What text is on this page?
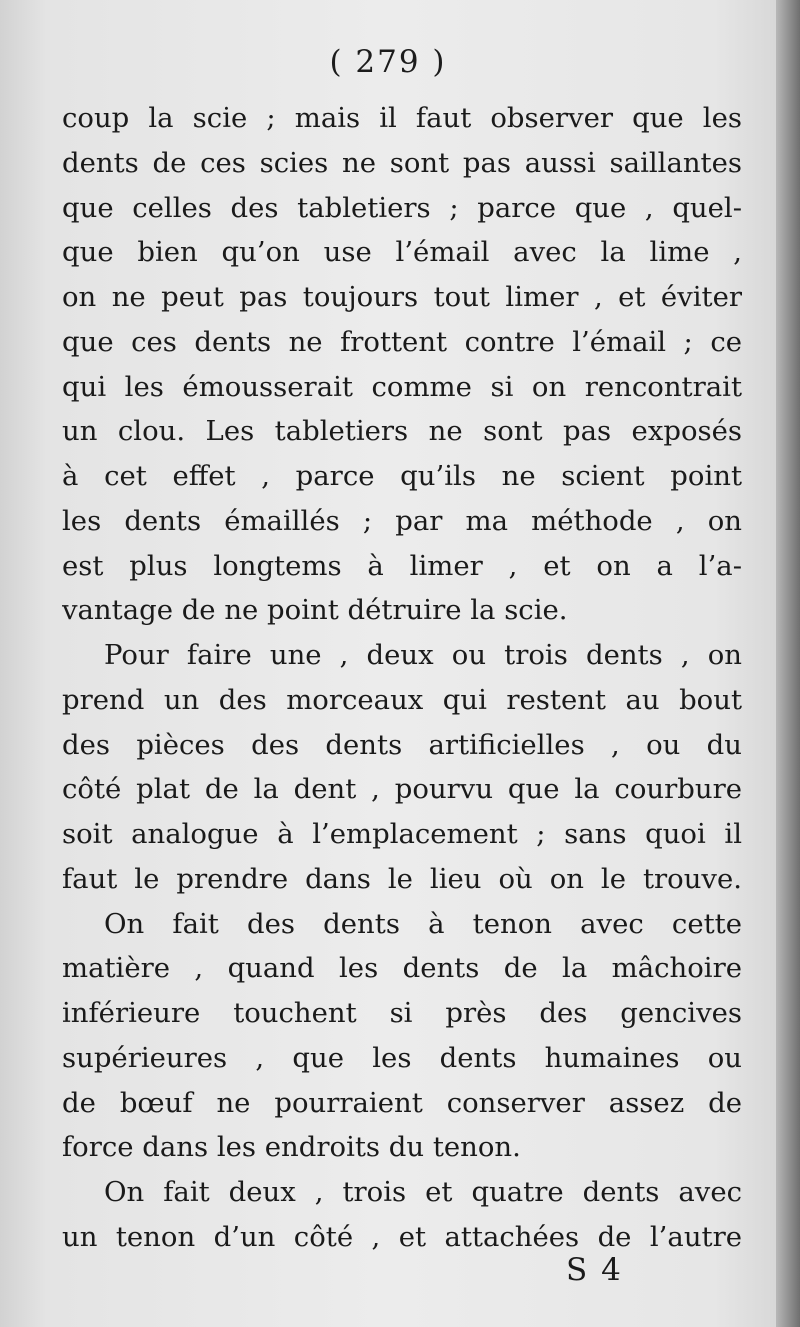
( 279 )
coup la scie ; mais il faut observer que les
dents de ces scies ne sont pas aussi saillantes
que celles des tabletiers ; parce que , quel-
que bien qu’on use l’émail avec la lime ,
on ne peut pas toujours tout limer , et éviter
que ces dents ne frottent contre l’émail ; ce
qui les émousserait comme si on rencontrait
un clou. Les tabletiers ne sont pas exposés
à cet effet , parce qu’ils ne scient point
les dents émaillés ; par ma méthode , on
est plus longtems à limer , et on a l’a-
vantage de ne point détruire la scie.
Pour faire une , deux ou trois dents , on
prend un des morceaux qui restent au bout
des pièces des dents artificielles , ou du
côté plat de la dent , pourvu que la courbure
soit analogue à l’emplacement ; sans quoi il
faut le prendre dans le lieu où on le trouve.
On fait des dents à tenon avec cette
matière , quand les dents de la mâchoire
inférieure touchent si près des gencives
supérieures , que les dents humaines ou
de bœuf ne pourraient conserver assez de
force dans les endroits du tenon.
On fait deux , trois et quatre dents avec
un tenon d’un côté , et attachées de l’autre
S 4
